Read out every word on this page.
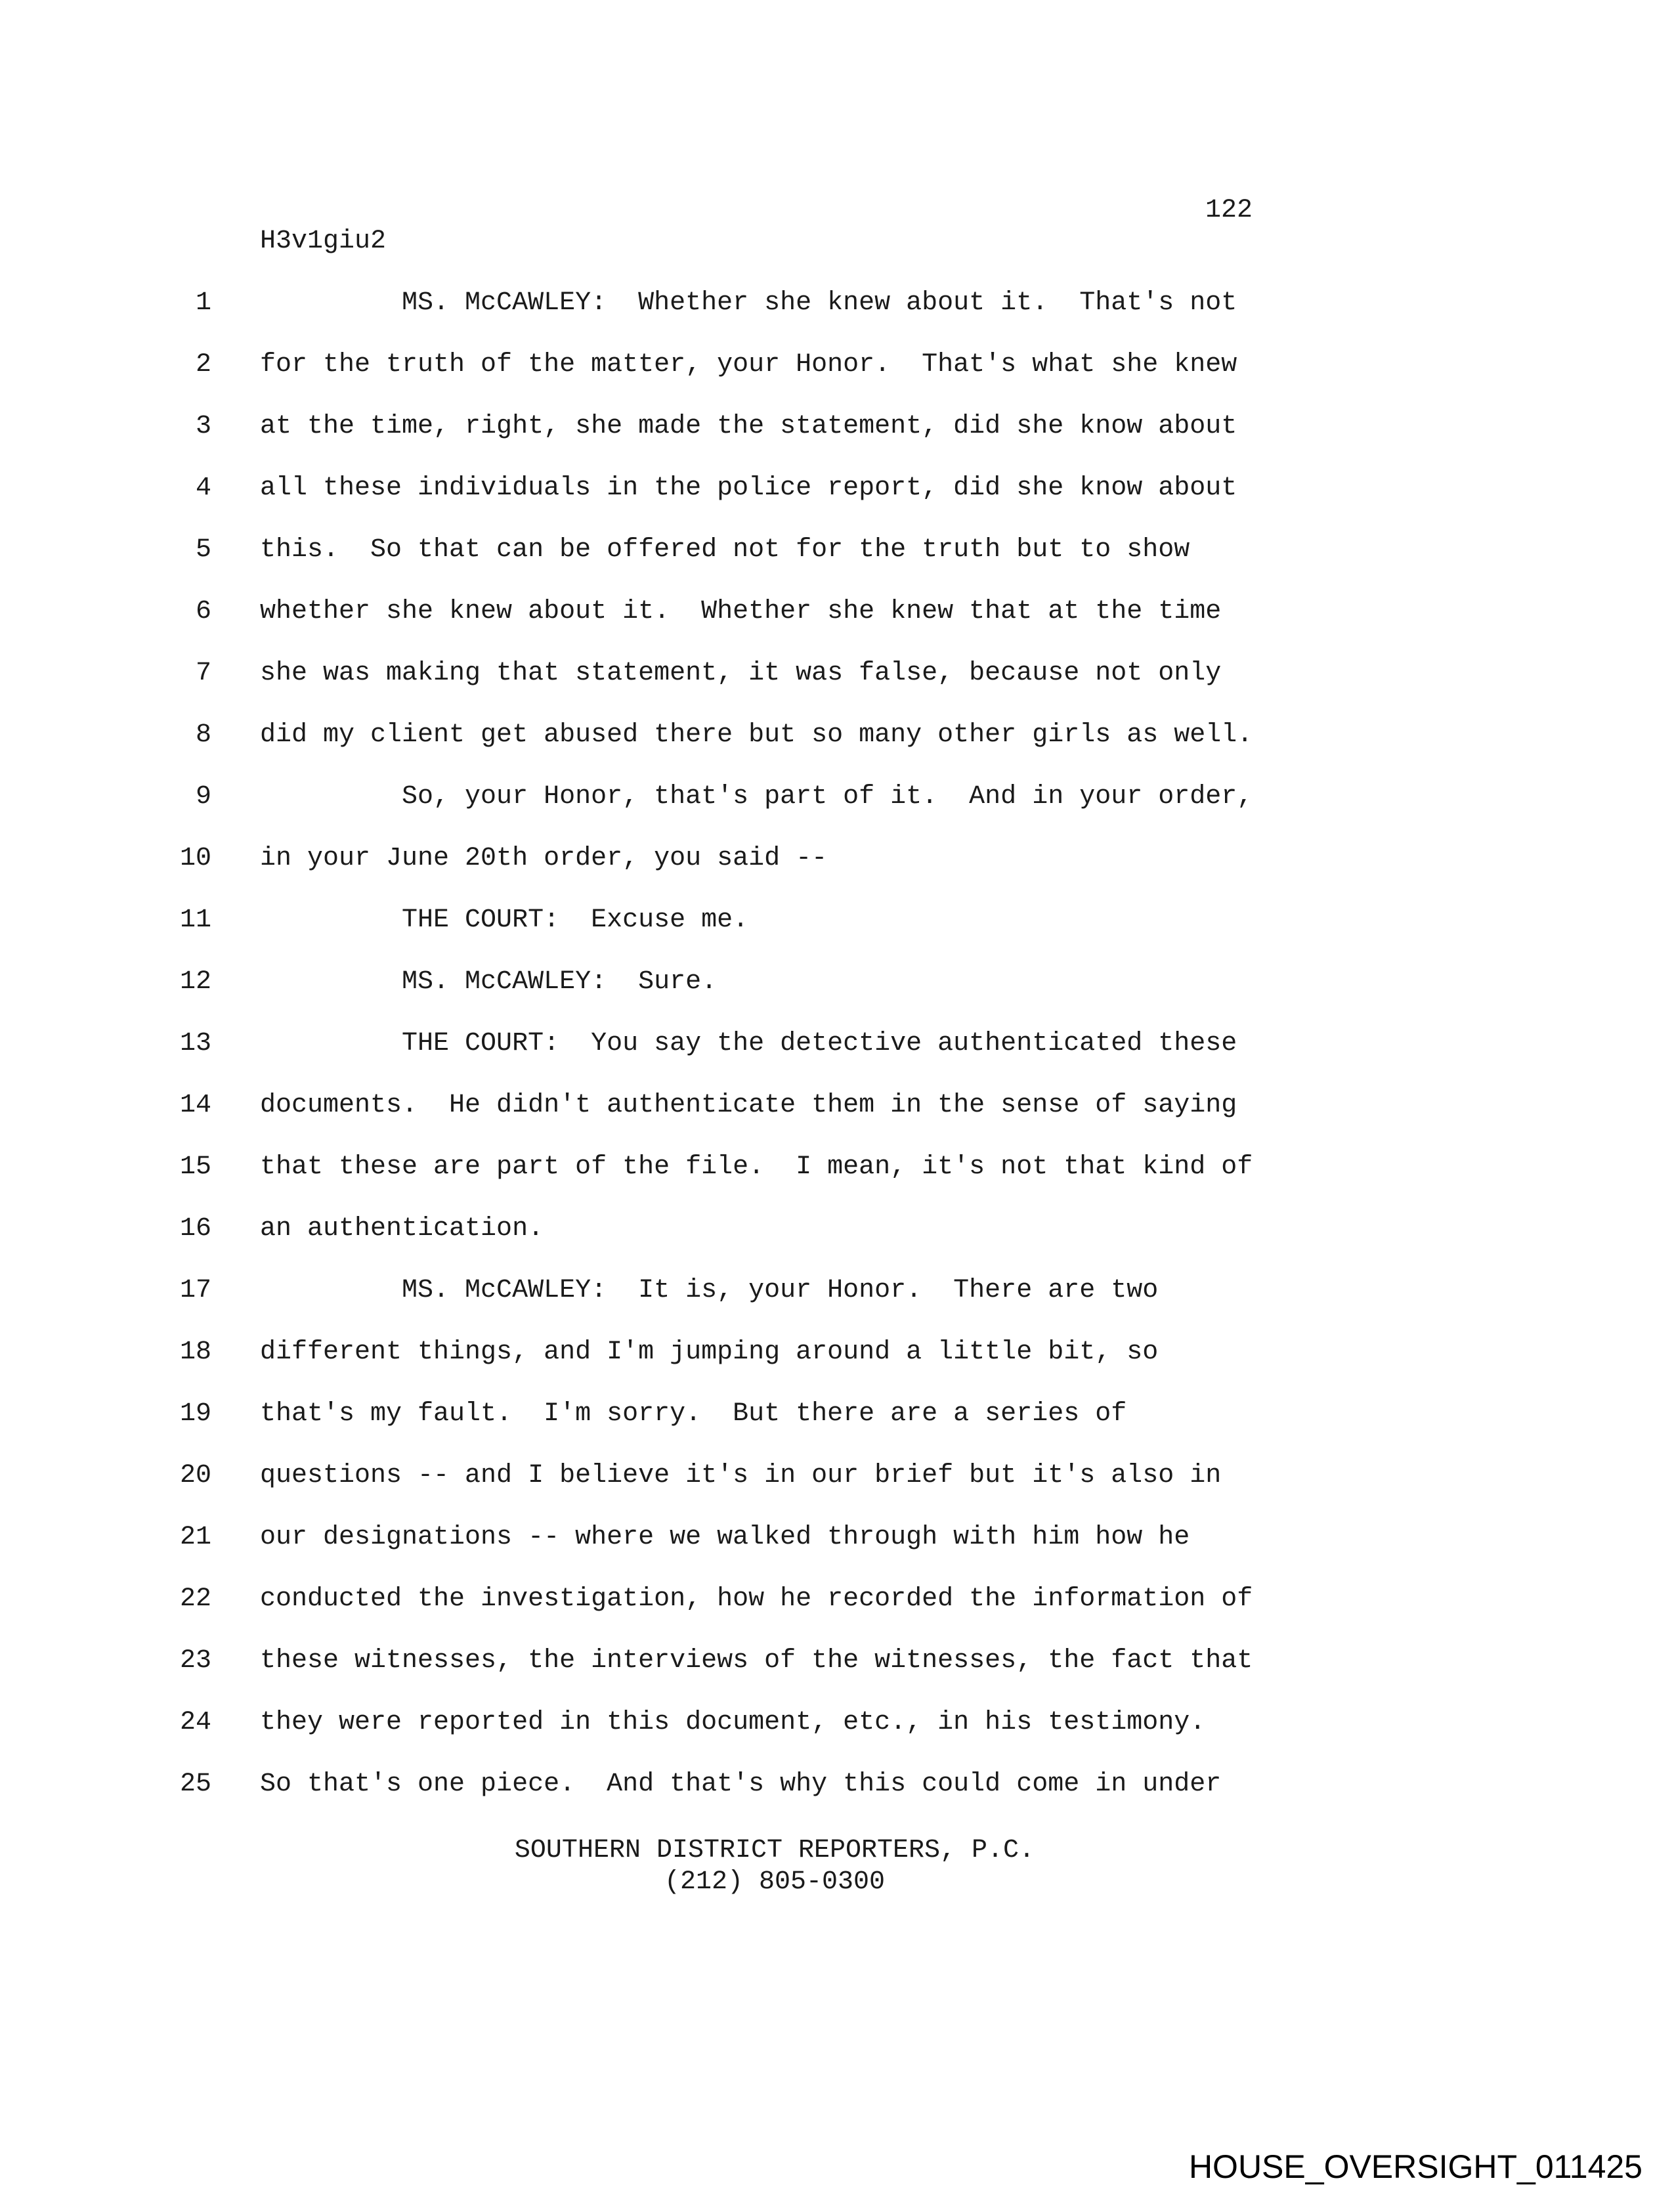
122
H3v1giu2
1 MS. McCAWLEY:  Whether she knew about it.  That's not
2 for the truth of the matter, your Honor.  That's what she knew
3 at the time, right, she made the statement, did she know about
4 all these individuals in the police report, did she know about
5 this.  So that can be offered not for the truth but to show
6 whether she knew about it.  Whether she knew that at the time
7 she was making that statement, it was false, because not only
8 did my client get abused there but so many other girls as well.
9 So, your Honor, that's part of it.  And in your order,
10 in your June 20th order, you said --
11 THE COURT:  Excuse me.
12 MS. McCAWLEY:  Sure.
13 THE COURT:  You say the detective authenticated these
14 documents.  He didn't authenticate them in the sense of saying
15 that these are part of the file.  I mean, it's not that kind of
16 an authentication.
17 MS. McCAWLEY:  It is, your Honor.  There are two
18 different things, and I'm jumping around a little bit, so
19 that's my fault.  I'm sorry.  But there are a series of
20 questions -- and I believe it's in our brief but it's also in
21 our designations -- where we walked through with him how he
22 conducted the investigation, how he recorded the information of
23 these witnesses, the interviews of the witnesses, the fact that
24 they were reported in this document, etc., in his testimony.
25 So that's one piece.  And that's why this could come in under
SOUTHERN DISTRICT REPORTERS, P.C.
(212) 805-0300
HOUSE_OVERSIGHT_011425
